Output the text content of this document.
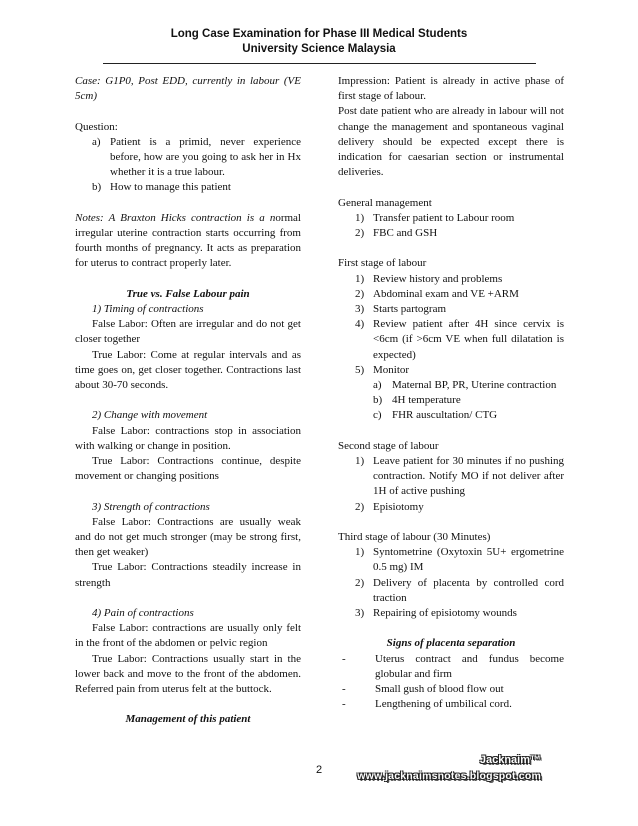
Long Case Examination for Phase III Medical Students
University Science Malaysia

Case: G1P0, Post EDD, currently in labour (VE 5cm)

Question:

a) Patient is a primid, never experience before, how are you going to ask her in Hx whether it is a true labour.
b) How to manage this patient

Notes: A Braxton Hicks contraction is a normal irregular uterine contraction starts occurring from fourth months of pregnancy. It acts as preparation for uterus to contract properly later.

True vs. False Labour pain

1) Timing of contractions

False Labor: Often are irregular and do not get closer together

True Labor: Come at regular intervals and as time goes on, get closer together. Contractions last about 30-70 seconds.

2) Change with movement

False Labor: contractions stop in association with walking or change in position.

True Labor: Contractions continue, despite movement or changing positions

3) Strength of contractions

False Labor: Contractions are usually weak and do not get much stronger (may be strong first, then get weaker)

True Labor: Contractions steadily increase in strength

4) Pain of contractions

False Labor: contractions are usually only felt in the front of the abdomen or pelvic region

True Labor: Contractions usually start in the lower back and move to the front of the abdomen. Referred pain from uterus felt at the buttock.

Management of this patient

Impression: Patient is already in active phase of first stage of labour.

Post date patient who are already in labour will not change the management and spontaneous vaginal delivery should be expected except there is indication for caesarian section or instrumental deliveries.

General management

1) Transfer patient to Labour room
2) FBC and GSH

First stage of labour

1) Review history and problems
2) Abdominal exam and VE +ARM
3) Starts partogram
4) Review patient after 4H since cervix is <6cm (if >6cm VE when full dilatation is expected)
5) Monitor
a) Maternal BP, PR, Uterine contraction
b) 4H temperature
c) FHR auscultation/ CTG

Second stage of labour

1) Leave patient for 30 minutes if no pushing contraction. Notify MO if not deliver after 1H of active pushing
2) Episiotomy

Third stage of labour (30 Minutes)

1) Syntometrine (Oxytoxin 5U+ ergometrine 0.5 mg) IM
2) Delivery of placenta by controlled cord traction
3) Repairing of episiotomy wounds

Signs of placenta separation

-	Uterus contract and fundus become globular and firm
-	Small gush of blood flow out
-	Lengthening of umbilical cord.
2
Jacknaim™
www.jacknaimsnotes.blogspot.com
